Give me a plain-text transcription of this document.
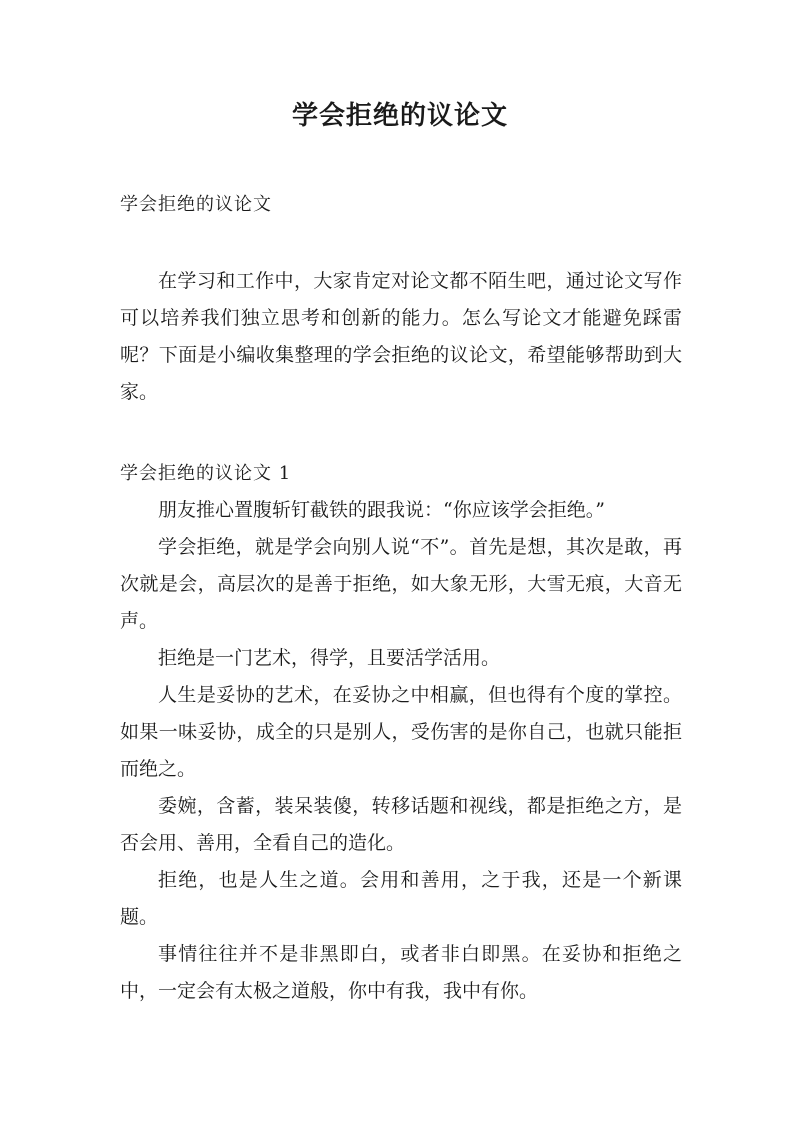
学会拒绝的议论文

学会拒绝的议论文

在学习和工作中，大家肯定对论文都不陌生吧，通过论文写作可以培养我们独立思考和创新的能力。怎么写论文才能避免踩雷呢？下面是小编收集整理的学会拒绝的议论文，希望能够帮助到大家。

学会拒绝的议论文 1

朋友推心置腹斩钉截铁的跟我说：“你应该学会拒绝。”

学会拒绝，就是学会向别人说“不”。首先是想，其次是敢，再次就是会，高层次的是善于拒绝，如大象无形，大雪无痕，大音无声。

拒绝是一门艺术，得学，且要活学活用。

人生是妥协的艺术，在妥协之中相赢，但也得有个度的掌控。如果一味妥协，成全的只是别人，受伤害的是你自己，也就只能拒而绝之。

委婉，含蓄，装呆装傻，转移话题和视线，都是拒绝之方，是否会用、善用，全看自己的造化。

拒绝，也是人生之道。会用和善用，之于我，还是一个新课题。

事情往往并不是非黑即白，或者非白即黑。在妥协和拒绝之中，一定会有太极之道般，你中有我，我中有你。
